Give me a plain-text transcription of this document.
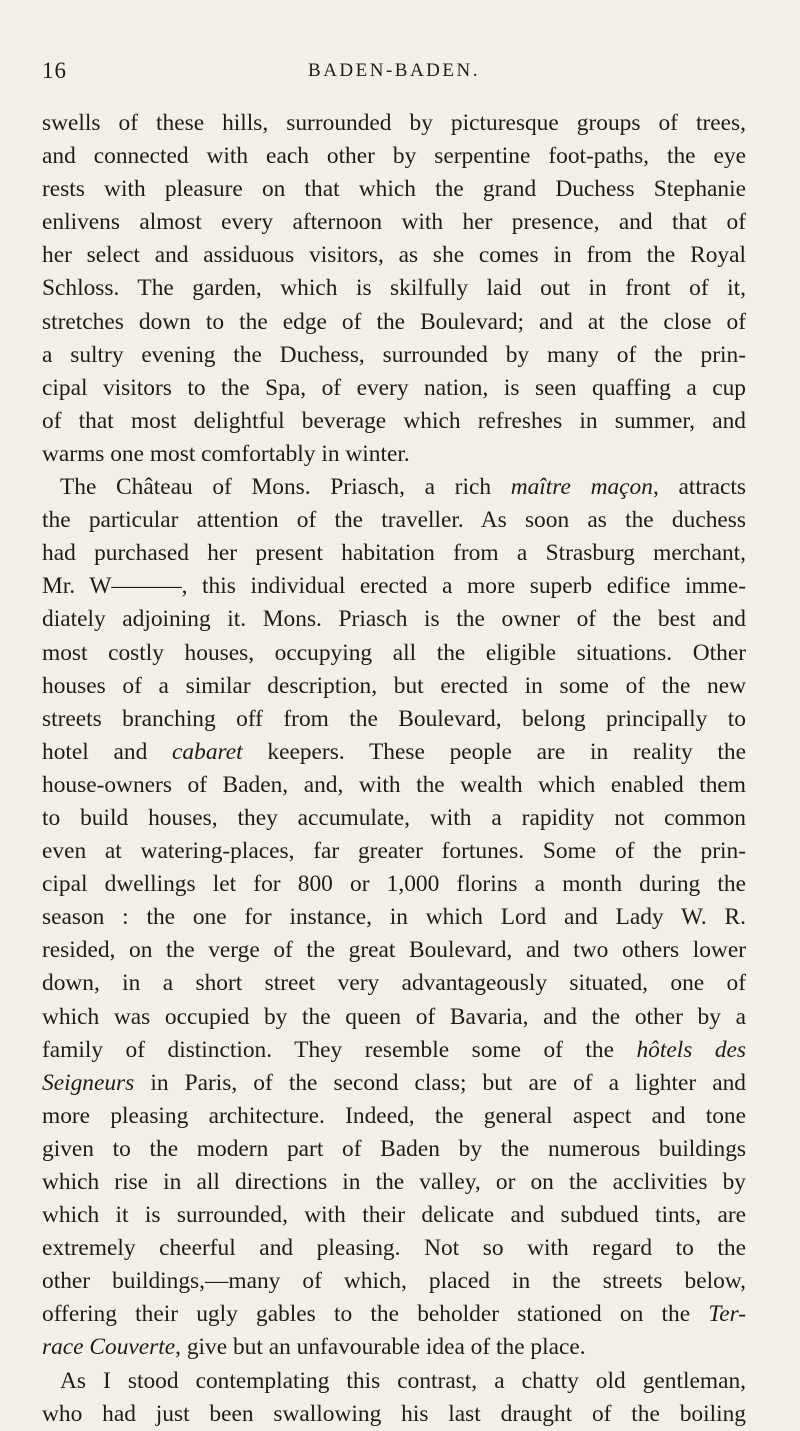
16	BADEN-BADEN.
swells of these hills, surrounded by picturesque groups of trees,
and connected with each other by serpentine foot-paths, the eye
rests with pleasure on that which the grand Duchess Stephanie
enlivens almost every afternoon with her presence, and that of
her select and assiduous visitors, as she comes in from the Royal
Schloss. The garden, which is skilfully laid out in front of it,
stretches down to the edge of the Boulevard; and at the close of
a sultry evening the Duchess, surrounded by many of the prin-
cipal visitors to the Spa, of every nation, is seen quaffing a cup
of that most delightful beverage which refreshes in summer, and
warms one most comfortably in winter.
The Château of Mons. Priasch, a rich maître maçon, attracts
the particular attention of the traveller. As soon as the duchess
had purchased her present habitation from a Strasburg merchant,
Mr. W———, this individual erected a more superb edifice imme-
diately adjoining it. Mons. Priasch is the owner of the best and
most costly houses, occupying all the eligible situations. Other
houses of a similar description, but erected in some of the new
streets branching off from the Boulevard, belong principally to
hotel and cabaret keepers. These people are in reality the
house-owners of Baden, and, with the wealth which enabled them
to build houses, they accumulate, with a rapidity not common
even at watering-places, far greater fortunes. Some of the prin-
cipal dwellings let for 800 or 1,000 florins a month during the
season : the one for instance, in which Lord and Lady W. R.
resided, on the verge of the great Boulevard, and two others lower
down, in a short street very advantageously situated, one of
which was occupied by the queen of Bavaria, and the other by a
family of distinction. They resemble some of the hôtels des
Seigneurs in Paris, of the second class; but are of a lighter and
more pleasing architecture. Indeed, the general aspect and tone
given to the modern part of Baden by the numerous buildings
which rise in all directions in the valley, or on the acclivities by
which it is surrounded, with their delicate and subdued tints, are
extremely cheerful and pleasing. Not so with regard to the
other buildings,—many of which, placed in the streets below,
offering their ugly gables to the beholder stationed on the Ter-
race Couverte, give but an unfavourable idea of the place.
As I stood contemplating this contrast, a chatty old gentleman,
who had just been swallowing his last draught of the boiling
